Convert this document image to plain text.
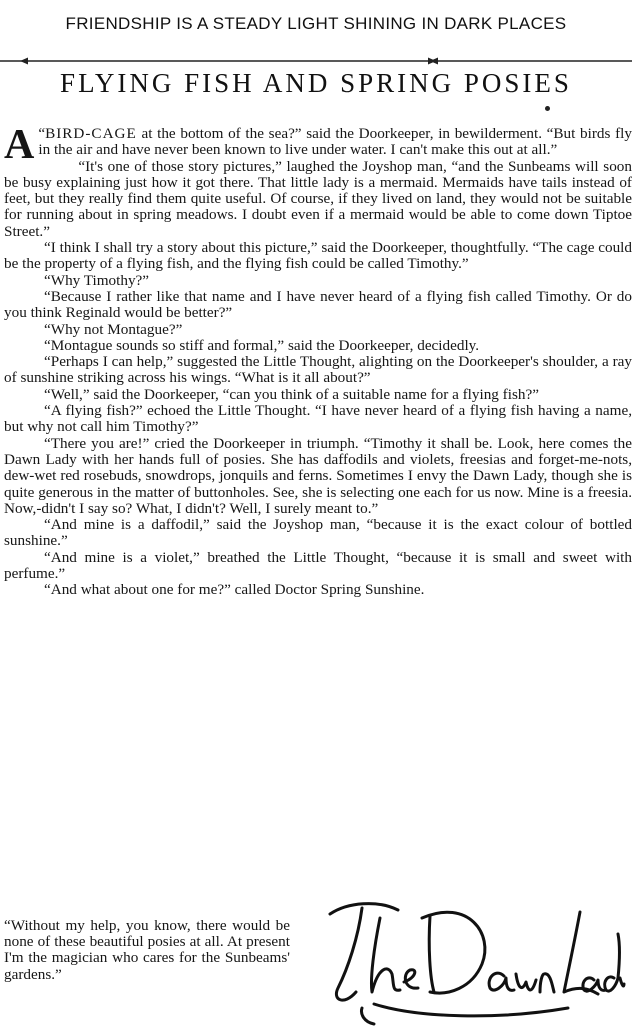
FRIENDSHIP IS A STEADY LIGHT SHINING IN DARK PLACES
FLYING FISH AND SPRING POSIES

A “BIRD-CAGE at the bottom of the sea?” said the Doorkeeper, in bewilderment. “But birds fly in the air and have never been known to live under water. I can't make this out at all.”

“It's one of those story pictures,” laughed the Joyshop man, “and the Sunbeams will soon be busy explaining just how it got there. That little lady is a mermaid. Mermaids have tails instead of feet, but they really find them quite useful. Of course, if they lived on land, they would not be suitable for running about in spring meadows. I doubt even if a mermaid would be able to come down Tiptoe Street.”

“I think I shall try a story about this picture,” said the Doorkeeper, thoughtfully. “The cage could be the property of a flying fish, and the flying fish could be called Timothy.”

“Why Timothy?”

“Because I rather like that name and I have never heard of a flying fish called Timothy. Or do you think Reginald would be better?”

“Why not Montague?”

“Montague sounds so stiff and formal,” said the Doorkeeper, decidedly.

“Perhaps I can help,” suggested the Little Thought, alighting on the Doorkeeper's shoulder, a ray of sunshine striking across his wings. “What is it all about?”

“Well,” said the Doorkeeper, “can you think of a suitable name for a flying fish?”

“A flying fish?” echoed the Little Thought. “I have never heard of a flying fish having a name, but why not call him Timothy?”

“There you are!” cried the Doorkeeper in triumph. “Timothy it shall be. Look, here comes the Dawn Lady with her hands full of posies. She has daffodils and violets, freesias and forget-me-nots, dew-wet red rosebuds, snowdrops, jonquils and ferns. Sometimes I envy the Dawn Lady, though she is quite generous in the matter of buttonholes. See, she is selecting one each for us now. Mine is a freesia. Now,-didn't I say so? What, I didn't? Well, I surely meant to.”

“And mine is a daffodil,” said the Joyshop man, “because it is the exact colour of bottled sunshine.”

“And mine is a violet,” breathed the Little Thought, “because it is small and sweet with perfume.”

“And what about one for me?” called Doctor Spring Sunshine.

“Without my help, you know, there would be none of these beautiful posies at all. At present I'm the magician who cares for the Sunbeams' gardens.”
